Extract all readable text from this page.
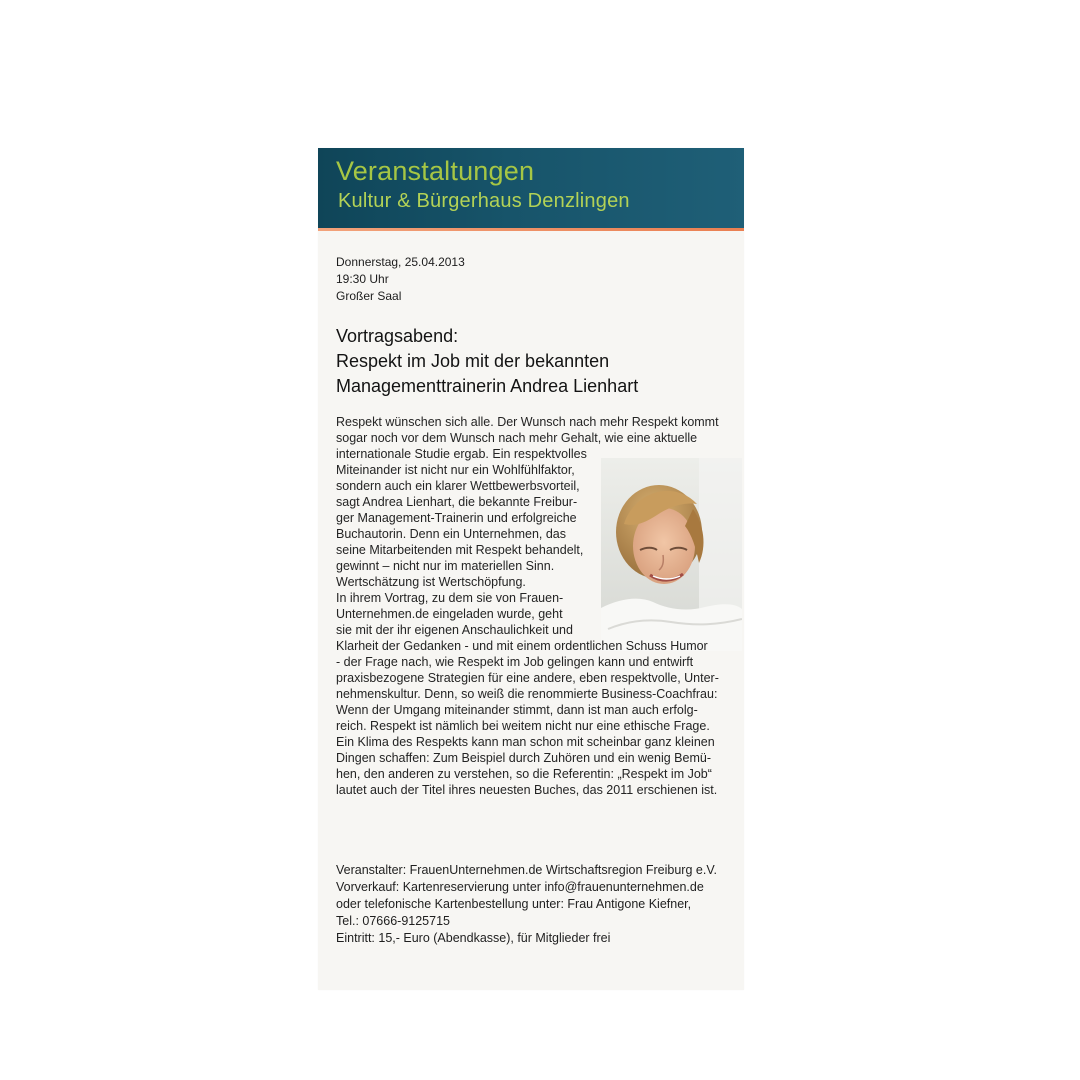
Veranstaltungen
Kultur & Bürgerhaus Denzlingen
Donnerstag, 25.04.2013
19:30 Uhr
Großer Saal
Vortragsabend:
Respekt im Job mit der bekannten
Managementtrainerin Andrea Lienhart
Respekt wünschen sich alle. Der Wunsch nach mehr Respekt kommt
sogar noch vor dem Wunsch nach mehr Gehalt, wie eine aktuelle
internationale Studie ergab. Ein respektvolles
Miteinander ist nicht nur ein Wohlfühlfaktor,
sondern auch ein klarer Wettbewerbsvorteil,
sagt Andrea Lienhart, die bekannte Freibur-
ger Management-Trainerin und erfolgreiche
Buchautorin. Denn ein Unternehmen, das
seine Mitarbeitenden mit Respekt behandelt,
gewinnt – nicht nur im materiellen Sinn.
Wertschätzung ist Wertschöpfung.
In ihrem Vortrag, zu dem sie von Frauen-
Unternehmen.de eingeladen wurde, geht
sie mit der ihr eigenen Anschaulichkeit und
Klarheit der Gedanken - und mit einem ordentlichen Schuss Humor
- der Frage nach, wie Respekt im Job gelingen kann und entwirft
praxisbezogene Strategien für eine andere, eben respektvolle, Unter-
nehmenskultur. Denn, so weiß die renommierte Business-Coachfrau:
Wenn der Umgang miteinander stimmt, dann ist man auch erfolg-
reich. Respekt ist nämlich bei weitem nicht nur eine ethische Frage.
Ein Klima des Respekts kann man schon mit scheinbar ganz kleinen
Dingen schaffen: Zum Beispiel durch Zuhören und ein wenig Bemü-
hen, den anderen zu verstehen, so die Referentin: „Respekt im Job“
lautet auch der Titel ihres neuesten Buches, das 2011 erschienen ist.
Veranstalter: FrauenUnternehmen.de Wirtschaftsregion Freiburg e.V.
Vorverkauf: Kartenreservierung unter info@frauenunternehmen.de
oder telefonische Kartenbestellung unter: Frau Antigone Kiefner,
Tel.: 07666-9125715
Eintritt: 15,- Euro (Abendkasse), für Mitglieder frei
